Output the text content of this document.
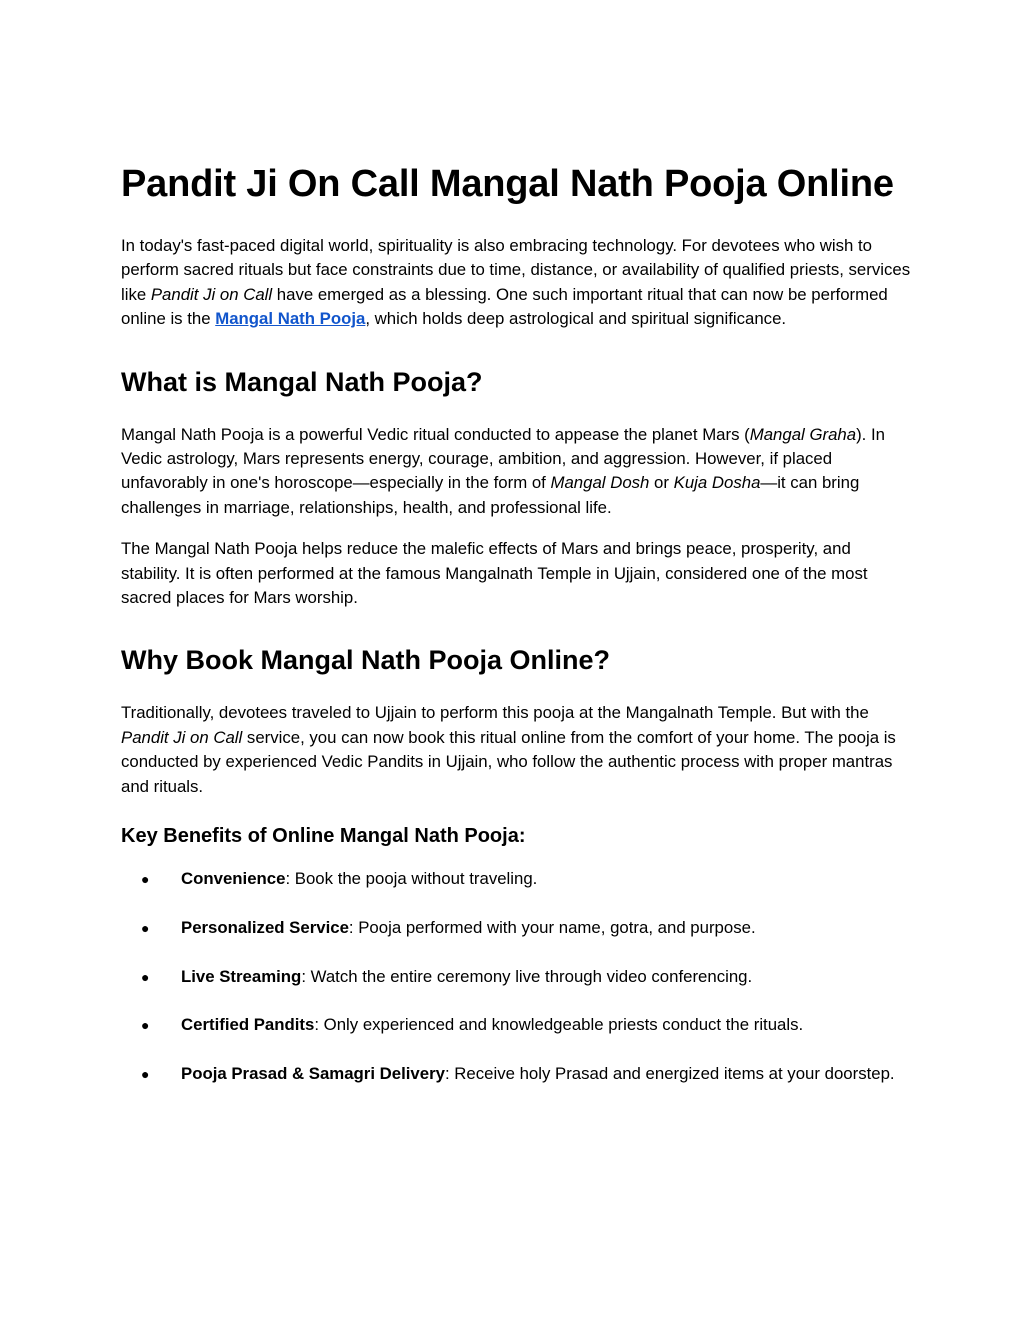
Pandit Ji On Call Mangal Nath Pooja Online

In today's fast-paced digital world, spirituality is also embracing technology. For devotees who wish to perform sacred rituals but face constraints due to time, distance, or availability of qualified priests, services like Pandit Ji on Call have emerged as a blessing. One such important ritual that can now be performed online is the Mangal Nath Pooja, which holds deep astrological and spiritual significance.

What is Mangal Nath Pooja?

Mangal Nath Pooja is a powerful Vedic ritual conducted to appease the planet Mars (Mangal Graha). In Vedic astrology, Mars represents energy, courage, ambition, and aggression. However, if placed unfavorably in one's horoscope—especially in the form of Mangal Dosh or Kuja Dosha—it can bring challenges in marriage, relationships, health, and professional life.

The Mangal Nath Pooja helps reduce the malefic effects of Mars and brings peace, prosperity, and stability. It is often performed at the famous Mangalnath Temple in Ujjain, considered one of the most sacred places for Mars worship.

Why Book Mangal Nath Pooja Online?

Traditionally, devotees traveled to Ujjain to perform this pooja at the Mangalnath Temple. But with the Pandit Ji on Call service, you can now book this ritual online from the comfort of your home. The pooja is conducted by experienced Vedic Pandits in Ujjain, who follow the authentic process with proper mantras and rituals.

Key Benefits of Online Mangal Nath Pooja:
● Convenience: Book the pooja without traveling.
● Personalized Service: Pooja performed with your name, gotra, and purpose.
● Live Streaming: Watch the entire ceremony live through video conferencing.
● Certified Pandits: Only experienced and knowledgeable priests conduct the rituals.
● Pooja Prasad & Samagri Delivery: Receive holy Prasad and energized items at your doorstep.
